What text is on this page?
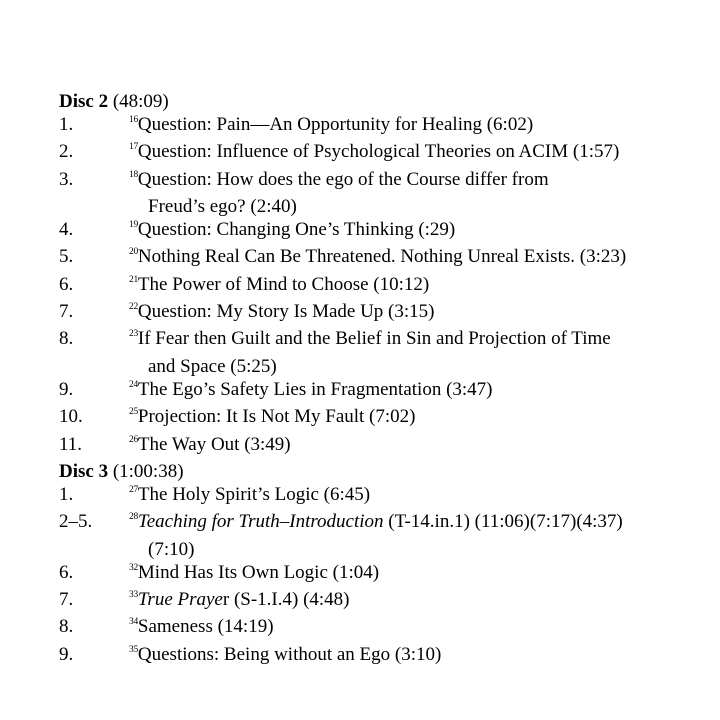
Disc 2 (48:09)
1.	$^{16}$Question: Pain—An Opportunity for Healing (6:02)
2.	$^{17}$Question: Influence of Psychological Theories on ACIM (1:57)
3.	$^{18}$Question: How does the ego of the Course differ from
Freud’s ego? (2:40)
4.	$^{19}$Question: Changing One’s Thinking (:29)
5.	$^{20}$Nothing Real Can Be Threatened. Nothing Unreal Exists. (3:23)
6.	$^{21}$The Power of Mind to Choose (10:12)
7.	$^{22}$Question: My Story Is Made Up (3:15)
8.	$^{23}$If Fear then Guilt and the Belief in Sin and Projection of Time
and Space (5:25)
9.	$^{24}$The Ego’s Safety Lies in Fragmentation (3:47)
10.	$^{25}$Projection: It Is Not My Fault (7:02)
11.	$^{26}$The Way Out (3:49)
Disc 3 (1:00:38)
1.	$^{27}$The Holy Spirit’s Logic (6:45)
2–5.	$^{28}$Teaching for Truth–Introduction (T-14.in.1) (11:06)(7:17)(4:37)
(7:10)
6.	$^{32}$Mind Has Its Own Logic (1:04)
7.	$^{33}$True Prayer (S-1.I.4) (4:48)
8.	$^{34}$Sameness (14:19)
9.	$^{35}$Questions: Being without an Ego (3:10)
